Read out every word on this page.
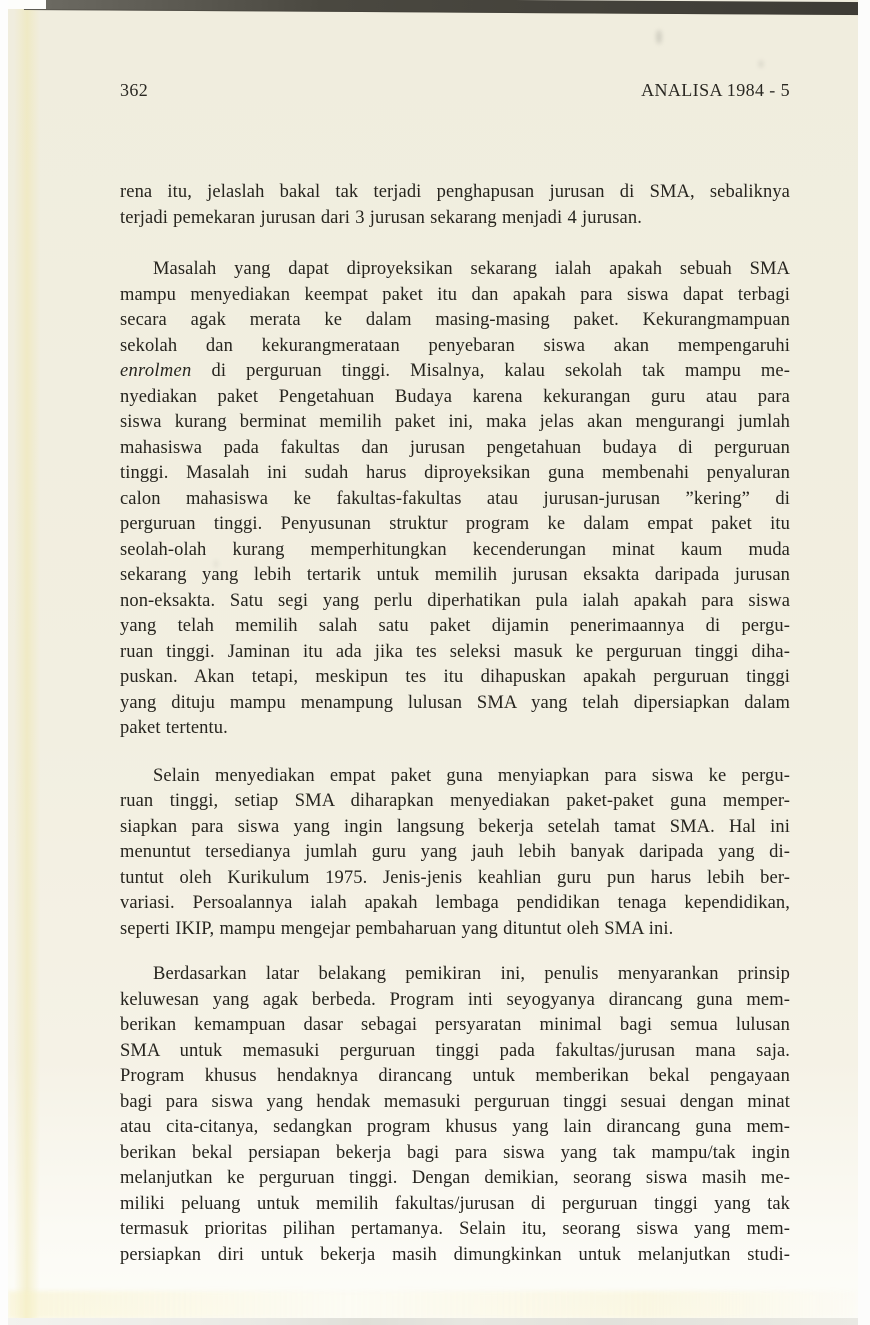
362	ANALISA 1984 - 5
rena itu, jelaslah bakal tak terjadi penghapusan jurusan di SMA, sebaliknya
terjadi pemekaran jurusan dari 3 jurusan sekarang menjadi 4 jurusan.
Masalah yang dapat diproyeksikan sekarang ialah apakah sebuah SMA
mampu menyediakan keempat paket itu dan apakah para siswa dapat terbagi
secara agak merata ke dalam masing-masing paket. Kekurangmampuan
sekolah dan kekurangmerataan penyebaran siswa akan mempengaruhi
enrolmen di perguruan tinggi. Misalnya, kalau sekolah tak mampu me-
nyediakan paket Pengetahuan Budaya karena kekurangan guru atau para
siswa kurang berminat memilih paket ini, maka jelas akan mengurangi jumlah
mahasiswa pada fakultas dan jurusan pengetahuan budaya di perguruan
tinggi. Masalah ini sudah harus diproyeksikan guna membenahi penyaluran
calon mahasiswa ke fakultas-fakultas atau jurusan-jurusan ”kering” di
perguruan tinggi. Penyusunan struktur program ke dalam empat paket itu
seolah-olah kurang memperhitungkan kecenderungan minat kaum muda
sekarang yang lebih tertarik untuk memilih jurusan eksakta daripada jurusan
non-eksakta. Satu segi yang perlu diperhatikan pula ialah apakah para siswa
yang telah memilih salah satu paket dijamin penerimaannya di pergu-
ruan tinggi. Jaminan itu ada jika tes seleksi masuk ke perguruan tinggi diha-
puskan. Akan tetapi, meskipun tes itu dihapuskan apakah perguruan tinggi
yang dituju mampu menampung lulusan SMA yang telah dipersiapkan dalam
paket tertentu.
Selain menyediakan empat paket guna menyiapkan para siswa ke pergu-
ruan tinggi, setiap SMA diharapkan menyediakan paket-paket guna memper-
siapkan para siswa yang ingin langsung bekerja setelah tamat SMA. Hal ini
menuntut tersedianya jumlah guru yang jauh lebih banyak daripada yang di-
tuntut oleh Kurikulum 1975. Jenis-jenis keahlian guru pun harus lebih ber-
variasi. Persoalannya ialah apakah lembaga pendidikan tenaga kependidikan,
seperti IKIP, mampu mengejar pembaharuan yang dituntut oleh SMA ini.
Berdasarkan latar belakang pemikiran ini, penulis menyarankan prinsip
keluwesan yang agak berbeda. Program inti seyogyanya dirancang guna mem-
berikan kemampuan dasar sebagai persyaratan minimal bagi semua lulusan
SMA untuk memasuki perguruan tinggi pada fakultas/jurusan mana saja.
Program khusus hendaknya dirancang untuk memberikan bekal pengayaan
bagi para siswa yang hendak memasuki perguruan tinggi sesuai dengan minat
atau cita-citanya, sedangkan program khusus yang lain dirancang guna mem-
berikan bekal persiapan bekerja bagi para siswa yang tak mampu/tak ingin
melanjutkan ke perguruan tinggi. Dengan demikian, seorang siswa masih me-
miliki peluang untuk memilih fakultas/jurusan di perguruan tinggi yang tak
termasuk prioritas pilihan pertamanya. Selain itu, seorang siswa yang mem-
persiapkan diri untuk bekerja masih dimungkinkan untuk melanjutkan studi-
